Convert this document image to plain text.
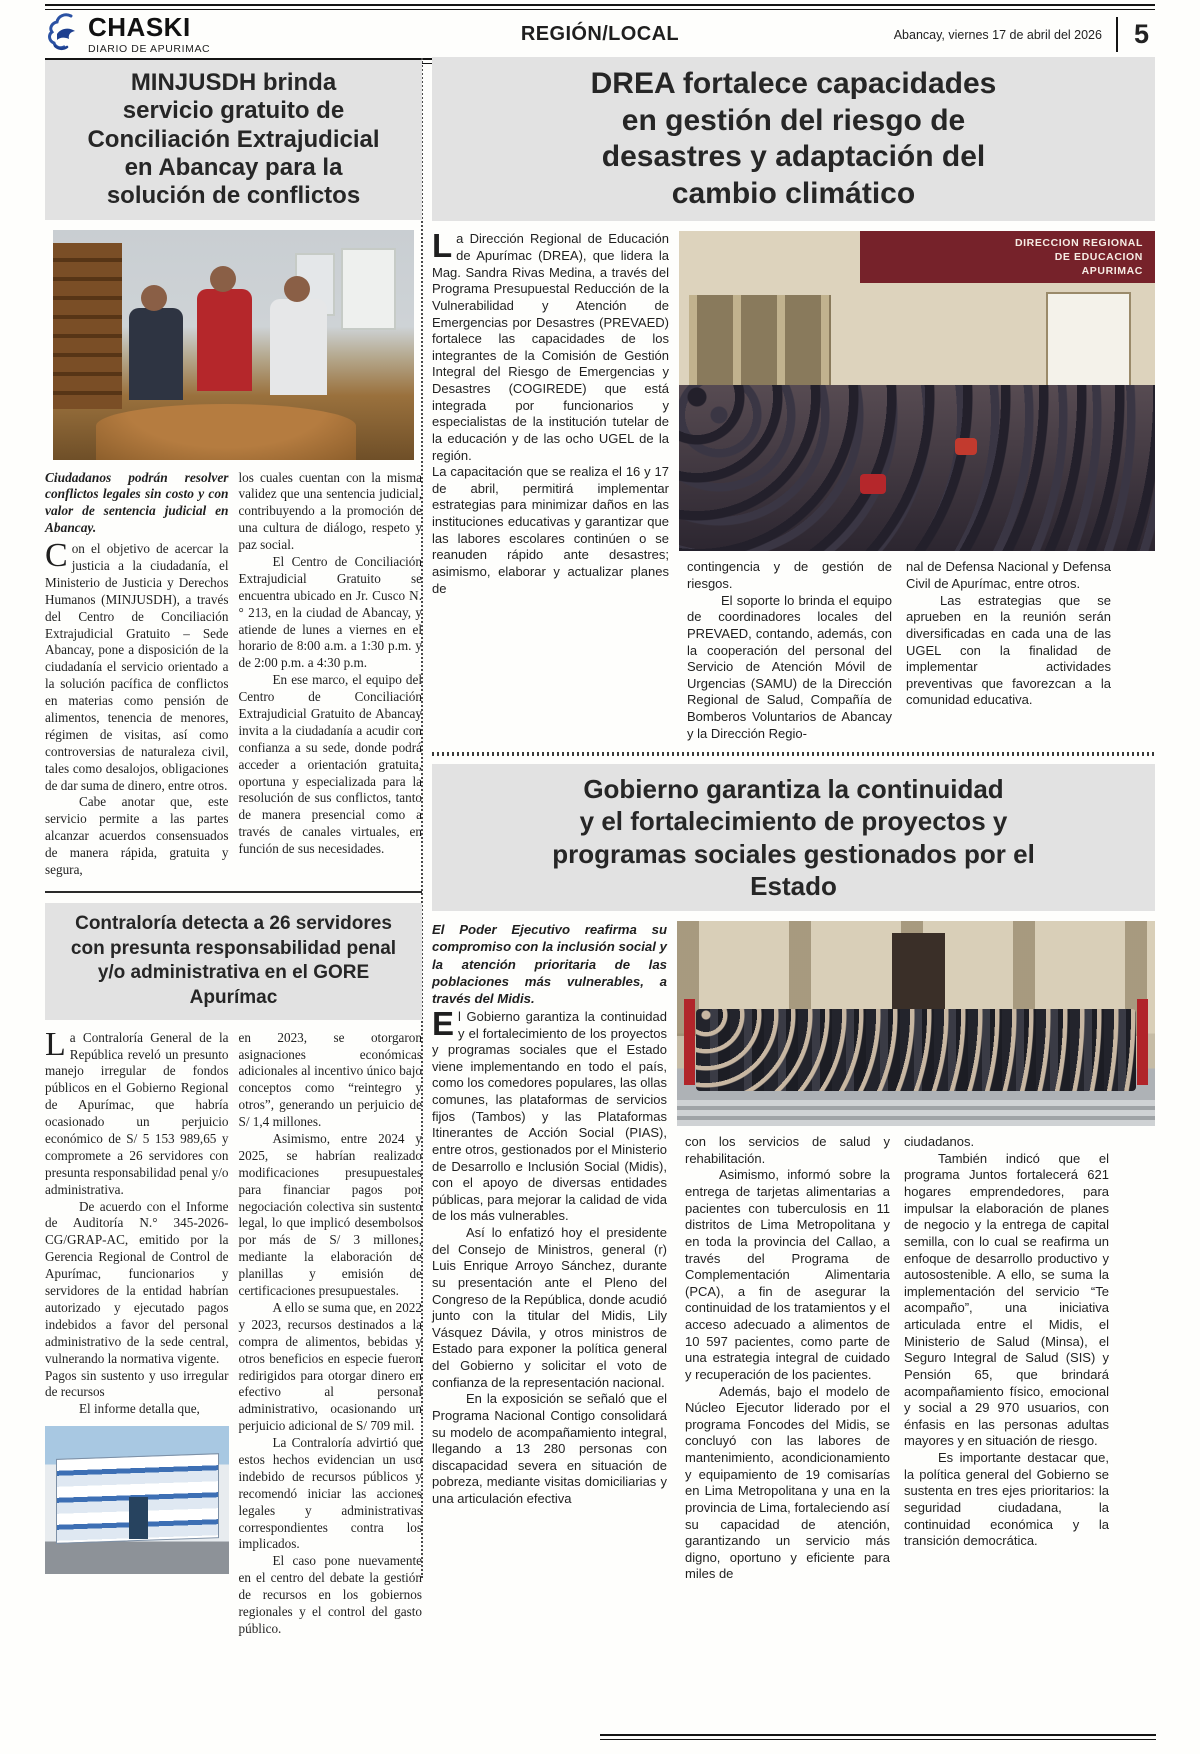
CHASKI
DIARIO DE APURIMAC
REGIÓN/LOCAL	Abancay, viernes 17 de abril del 2026	5
MINJUSDH brinda
servicio gratuito de
Conciliación Extrajudicial
en Abancay para la
solución de conflictos

Ciudadanos podrán resolver conflictos legales sin costo y con valor de sentencia judicial en Abancay.

Con el objetivo de acercar la justicia a la ciudadanía, el Ministerio de Justicia y Derechos Humanos (MINJUSDH), a través del Centro de Conciliación Extrajudicial Gratuito – Sede Abancay, pone a disposición de la ciudadanía el servicio orientado a la solución pacífica de conflictos en materias como pensión de alimentos, tenencia de menores, régimen de visitas, así como controversias de naturaleza civil, tales como desalojos, obligaciones de dar suma de dinero, entre otros.

Cabe anotar que, este servicio permite a las partes alcanzar acuerdos consensuados de manera rápida, gratuita y segura,

los cuales cuentan con la misma validez que una sentencia judicial, contribuyendo a la promoción de una cultura de diálogo, respeto y paz social.

El Centro de Conciliación Extrajudicial Gratuito se encuentra ubicado en Jr. Cusco N.° 213, en la ciudad de Abancay, y atiende de lunes a viernes en el horario de 8:00 a.m. a 1:30 p.m. y de 2:00 p.m. a 4:30 p.m.

En ese marco, el equipo del Centro de Conciliación Extrajudicial Gratuito de Abancay invita a la ciudadanía a acudir con confianza a su sede, donde podrá acceder a orientación gratuita, oportuna y especializada para la resolución de sus conflictos, tanto de manera presencial como a través de canales virtuales, en función de sus necesidades.

Contraloría detecta a 26 servidores
con presunta responsabilidad penal
y/o administrativa en el GORE
Apurímac

La Contraloría General de la República reveló un presunto manejo irregular de fondos públicos en el Gobierno Regional de Apurímac, que habría ocasionado un perjuicio económico de S/ 5 153 989,65 y compromete a 26 servidores con presunta responsabilidad penal y/o administrativa.

De acuerdo con el Informe de Auditoría N.° 345-2026-CG/GRAP-AC, emitido por la Gerencia Regional de Control de Apurímac, funcionarios y servidores de la entidad habrían autorizado y ejecutado pagos indebidos a favor del personal administrativo de la sede central, vulnerando la normativa vigente.

Pagos sin sustento y uso irregular de recursos

El informe detalla que,

en 2023, se otorgaron asignaciones económicas adicionales al incentivo único bajo conceptos como “reintegro y otros”, generando un perjuicio de S/ 1,4 millones.

Asimismo, entre 2024 y 2025, se habrían realizado modificaciones presupuestales para financiar pagos por negociación colectiva sin sustento legal, lo que implicó desembolsos por más de S/ 3 millones, mediante la elaboración de planillas y emisión de certificaciones presupuestales.

A ello se suma que, en 2022 y 2023, recursos destinados a la compra de alimentos, bebidas y otros beneficios en especie fueron redirigidos para otorgar dinero en efectivo al personal administrativo, ocasionando un perjuicio adicional de S/ 709 mil.

La Contraloría advirtió que estos hechos evidencian un uso indebido de recursos públicos y recomendó iniciar las acciones legales y administrativas correspondientes contra los implicados.

El caso pone nuevamente en el centro del debate la gestión de recursos en los gobiernos regionales y el control del gasto público.

DREA fortalece capacidades
en gestión del riesgo de
desastres y adaptación del
cambio climático

La Dirección Regional de Educación de Apurímac (DREA), que lidera la Mag. Sandra Rivas Medina, a través del Programa Presupuestal Reducción de la Vulnerabilidad y Atención de Emergencias por Desastres (PREVAED) fortalece las capacidades de los integrantes de la Comisión de Gestión Integral del Riesgo de Emergencias y Desastres (COGIREDE) que está integrada por funcionarios y especialistas de la institución tutelar de la educación y de las ocho UGEL de la región.

La capacitación que se realiza el 16 y 17 de abril, permitirá implementar estrategias para minimizar daños en las instituciones educativas y garantizar que las labores escolares continúen o se reanuden rápido ante desastres; asimismo, elaborar y actualizar planes de

DIRECCION REGIONAL
DE EDUCACION
APURIMAC

contingencia y de gestión de riesgos.

El soporte lo brinda el equipo de coordinadores locales del PREVAED, contando, además, con la cooperación del personal del Servicio de Atención Móvil de Urgencias (SAMU) de la Dirección Regional de Salud, Compañía de Bomberos Voluntarios de Abancay y la Dirección Regio-

nal de Defensa Nacional y Defensa Civil de Apurímac, entre otros.

Las estrategias que se aprueben en la reunión serán diversificadas en cada una de las UGEL con la finalidad de implementar actividades preventivas que favorezcan a la comunidad educativa.

Gobierno garantiza la continuidad
y el fortalecimiento de proyectos y
programas sociales gestionados por el
Estado

El Poder Ejecutivo reafirma su compromiso con la inclusión social y la atención prioritaria de las poblaciones más vulnerables, a través del Midis.

El Gobierno garantiza la continuidad y el fortalecimiento de los proyectos y programas sociales que el Estado viene implementando en todo el país, como los comedores populares, las ollas comunes, las plataformas de servicios fijos (Tambos) y las Plataformas Itinerantes de Acción Social (PIAS), entre otros, gestionados por el Ministerio de Desarrollo e Inclusión Social (Midis), con el apoyo de diversas entidades públicas, para mejorar la calidad de vida de los más vulnerables.

Así lo enfatizó hoy el presidente del Consejo de Ministros, general (r) Luis Enrique Arroyo Sánchez, durante su presentación ante el Pleno del Congreso de la República, donde acudió junto con la titular del Midis, Lily Vásquez Dávila, y otros ministros de Estado para exponer la política general del Gobierno y solicitar el voto de confianza de la representación nacional.

En la exposición se señaló que el Programa Nacional Contigo consolidará su modelo de acompañamiento integral, llegando a 13 280 personas con discapacidad severa en situación de pobreza, mediante visitas domiciliarias y una articulación efectiva

con los servicios de salud y rehabilitación.

Asimismo, informó sobre la entrega de tarjetas alimentarias a pacientes con tuberculosis en 11 distritos de Lima Metropolitana y en toda la provincia del Callao, a través del Programa de Complementación Alimentaria (PCA), a fin de asegurar la continuidad de los tratamientos y el acceso adecuado a alimentos de 10 597 pacientes, como parte de una estrategia integral de cuidado y recuperación de los pacientes.

Además, bajo el modelo de Núcleo Ejecutor liderado por el programa Foncodes del Midis, se concluyó con las labores de mantenimiento, acondicionamiento y equipamiento de 19 comisarías en Lima Metropolitana y una en la provincia de Lima, fortaleciendo así su capacidad de atención, garantizando un servicio más digno, oportuno y eficiente para miles de

ciudadanos.

También indicó que el programa Juntos fortalecerá 621 hogares emprendedores, para impulsar la elaboración de planes de negocio y la entrega de capital semilla, con lo cual se reafirma un enfoque de desarrollo productivo y autosostenible. A ello, se suma la implementación del servicio “Te acompaño”, una iniciativa articulada entre el Midis, el Ministerio de Salud (Minsa), el Seguro Integral de Salud (SIS) y Pensión 65, que brindará acompañamiento físico, emocional y social a 29 970 usuarios, con énfasis en las personas adultas mayores y en situación de riesgo.

Es importante destacar que, la política general del Gobierno se sustenta en tres ejes prioritarios: la seguridad ciudadana, la continuidad económica y la transición democrática.
